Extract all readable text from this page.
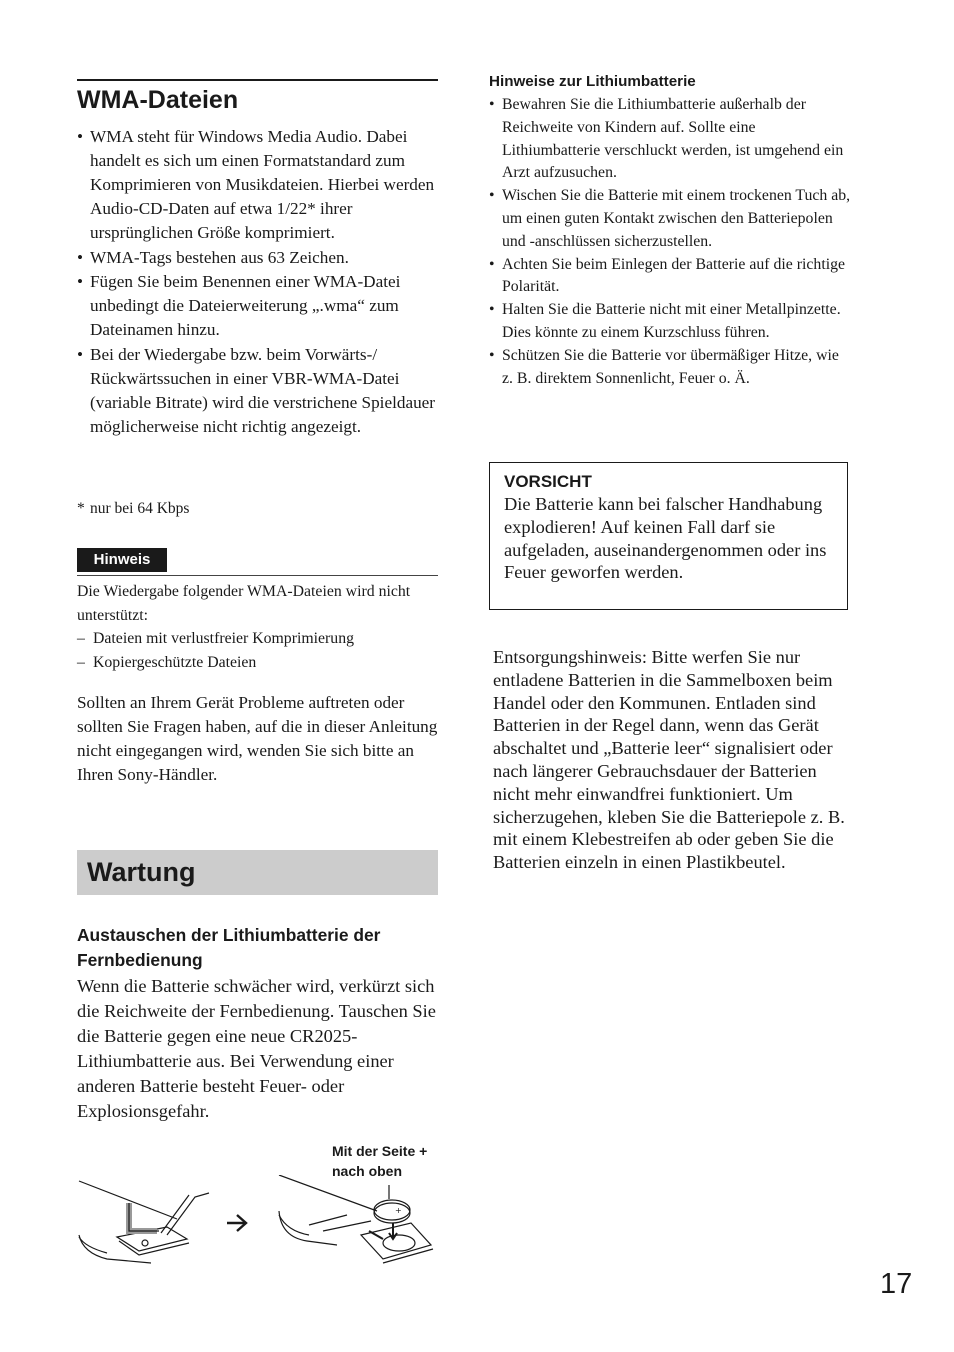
WMA-Dateien
• WMA steht für Windows Media Audio. Dabei handelt es sich um einen Formatstandard zum Komprimieren von Musikdateien. Hierbei werden Audio-CD-Daten auf etwa 1/22* ihrer ursprünglichen Größe komprimiert.
• WMA-Tags bestehen aus 63 Zeichen.
• Fügen Sie beim Benennen einer WMA-Datei unbedingt die Dateierweiterung „.wma“ zum Dateinamen hinzu.
• Bei der Wiedergabe bzw. beim Vorwärts-/ Rückwärtssuchen in einer VBR-WMA-Datei (variable Bitrate) wird die verstrichene Spieldauer möglicherweise nicht richtig angezeigt.
* nur bei 64 Kbps
Hinweis
Die Wiedergabe folgender WMA-Dateien wird nicht unterstützt:
– Dateien mit verlustfreier Komprimierung
– Kopiergeschützte Dateien

Sollten an Ihrem Gerät Probleme auftreten oder sollten Sie Fragen haben, auf die in dieser Anleitung nicht eingegangen wird, wenden Sie sich bitte an Ihren Sony-Händler.

Wartung
Austauschen der Lithiumbatterie der Fernbedienung

Wenn die Batterie schwächer wird, verkürzt sich die Reichweite der Fernbedienung. Tauschen Sie die Batterie gegen eine neue CR2025-Lithiumbatterie aus. Bei Verwendung einer anderen Batterie besteht Feuer- oder Explosionsgefahr.

Mit der Seite + nach oben
+
Hinweise zur Lithiumbatterie
• Bewahren Sie die Lithiumbatterie außerhalb der Reichweite von Kindern auf. Sollte eine Lithiumbatterie verschluckt werden, ist umgehend ein Arzt aufzusuchen.
• Wischen Sie die Batterie mit einem trockenen Tuch ab, um einen guten Kontakt zwischen den Batteriepolen und -anschlüssen sicherzustellen.
• Achten Sie beim Einlegen der Batterie auf die richtige Polarität.
• Halten Sie die Batterie nicht mit einer Metallpinzette. Dies könnte zu einem Kurzschluss führen.
• Schützen Sie die Batterie vor übermäßiger Hitze, wie z. B. direktem Sonnenlicht, Feuer o. Ä.
VORSICHT
Die Batterie kann bei falscher Handhabung explodieren! Auf keinen Fall darf sie aufgeladen, auseinandergenommen oder ins Feuer geworfen werden.

Entsorgungshinweis: Bitte werfen Sie nur entladene Batterien in die Sammelboxen beim Handel oder den Kommunen. Entladen sind Batterien in der Regel dann, wenn das Gerät abschaltet und „Batterie leer“ signalisiert oder nach längerer Gebrauchsdauer der Batterien nicht mehr einwandfrei funktioniert. Um sicherzugehen, kleben Sie die Batteriepole z. B. mit einem Klebestreifen ab oder geben Sie die Batterien einzeln in einen Plastikbeutel.

17
